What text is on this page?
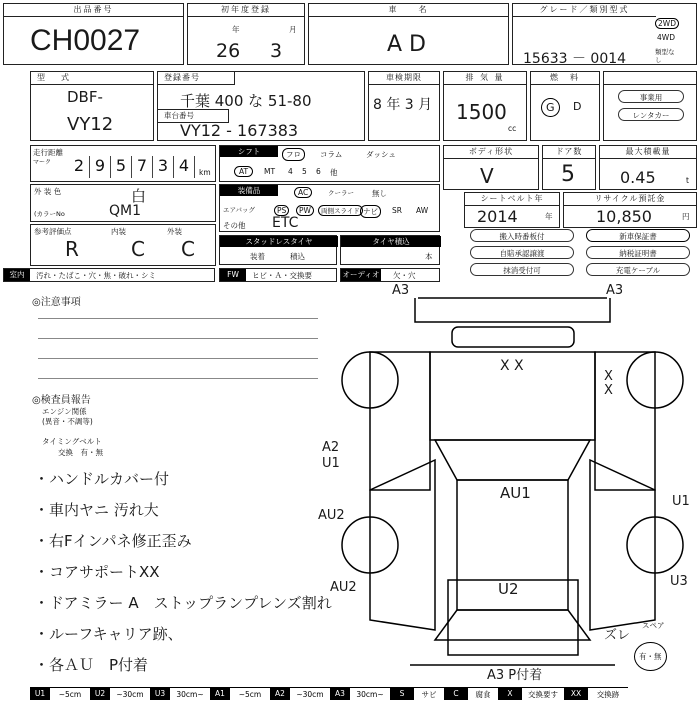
出品番号
CH0027
初年度登録
年	月
26 3
車　　名
A D
グレード／類別型式
15633 － 0014
2WD
4WD
類型なし
型　式
DBF-
VY12
登録番号
千葉 400 な 51-80
車台番号
VY12 - 167383
車検期限
8 年 3 月
排 気 量
1500
cc
燃　料
G	D
事業用
レンタカー
走行距離
マーク	2 9 5 7 3 4	km
シフト	フロ	コラム	ダッシュ
AT	MT 4 5 6 他
ボディ形状
V
ドア数
5
最大積載量
0.45	t
外 装 色	白
(カラーNo	QM1
装備品	AC	クーラー 無し
エアバッグ	PS	PW	両側スライド ナビ	SR AW
その他 ETC
シートベルト年
2014	年
リサイクル預託金
10,850	円
参考評価点
R
内装
C
外装
C	スタッドレスタイヤ
装着	積込
タイヤ積込
本
搬入時番板付
自賠承認譲渡
抹消受付可
新車保証書
納税証明書
充電ケーブル
室内	汚れ・たばこ・穴・焦・破れ・シミ	FW	ヒビ・Ａ・交換要	オーディオ 欠・穴
◎注意事項
◎検査員報告
エンジン関係
(異音・不調等)
タイミングベルト
交換　有・無
・ハンドルカバー付
・車内ヤニ 汚れ大
・右Fインパネ修正歪み
・コアサポートXX
・ドアミラー A　ストップランプレンズ割れ
・ルーフキャリア跡、
・各ＡＵ　P付着
A3	A3
X X
X X
A2 U1
AU1
AU2
U1
AU2	U3
U2
ズレ
A3 P付着
スペア
有・無
U1	~5cm	U2	~30cm	U3	30cm~	A1	~5cm	A2	~30cm	A3	30cm~	S	サビ	C	腐食	X	交換要す	XX	交換跡
